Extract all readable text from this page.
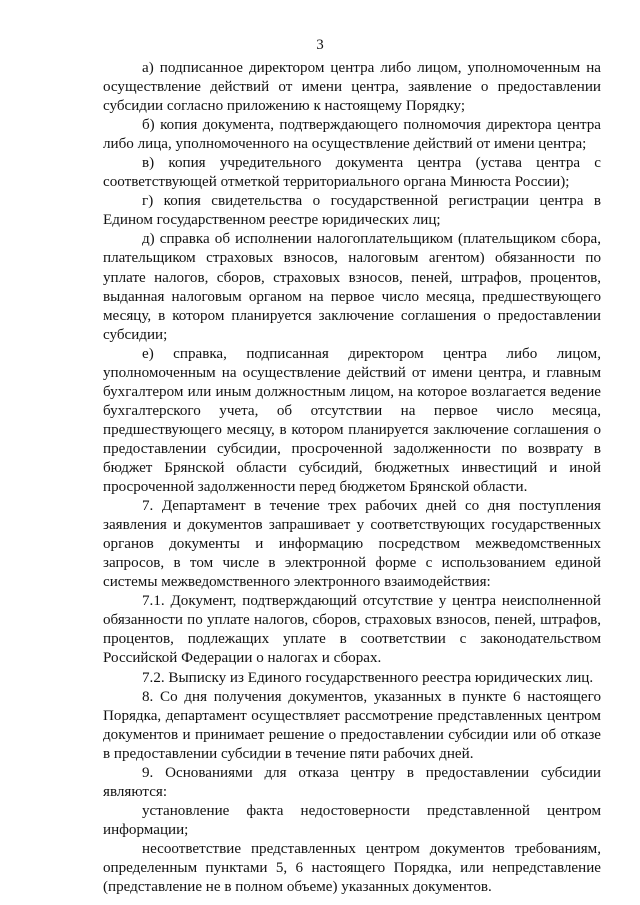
3

а) подписанное директором центра либо лицом, уполномоченным на осуществление действий от имени центра, заявление о предоставлении субсидии согласно приложению к настоящему Порядку;

б) копия документа, подтверждающего полномочия директора центра либо лица, уполномоченного на осуществление действий от имени центра;

в) копия учредительного документа центра (устава центра с соответствующей отметкой территориального органа Минюста России);

г) копия свидетельства о государственной регистрации центра в Едином государственном реестре юридических лиц;

д) справка об исполнении налогоплательщиком (плательщиком сбора, плательщиком страховых взносов, налоговым агентом) обязанности по уплате налогов, сборов, страховых взносов, пеней, штрафов, процентов, выданная налоговым органом на первое число месяца, предшествующего месяцу, в котором планируется заключение соглашения о предоставлении субсидии;

е) справка, подписанная директором центра либо лицом, уполномоченным на осуществление действий от имени центра, и главным бухгалтером или иным должностным лицом, на которое возлагается ведение бухгалтерского учета, об отсутствии на первое число месяца, предшествующего месяцу, в котором планируется заключение соглашения о предоставлении субсидии, просроченной задолженности по возврату в бюджет Брянской области субсидий, бюджетных инвестиций и иной просроченной задолженности перед бюджетом Брянской области.

7. Департамент в течение трех рабочих дней со дня поступления заявления и документов запрашивает у соответствующих государственных органов документы и информацию посредством межведомственных запросов, в том числе в электронной форме с использованием единой системы межведомственного электронного взаимодействия:

7.1. Документ, подтверждающий отсутствие у центра неисполненной обязанности по уплате налогов, сборов, страховых взносов, пеней, штрафов, процентов, подлежащих уплате в соответствии с законодательством Российской Федерации о налогах и сборах.

7.2. Выписку из Единого государственного реестра юридических лиц.

8. Со дня получения документов, указанных в пункте 6 настоящего Порядка, департамент осуществляет рассмотрение представленных центром документов и принимает решение о предоставлении субсидии или об отказе в предоставлении субсидии в течение пяти рабочих дней.

9. Основаниями для отказа центру в предоставлении субсидии являются:

установление факта недостоверности представленной центром информации;

несоответствие представленных центром документов требованиям, определенным пунктами 5, 6 настоящего Порядка, или непредставление (представление не в полном объеме) указанных документов.
